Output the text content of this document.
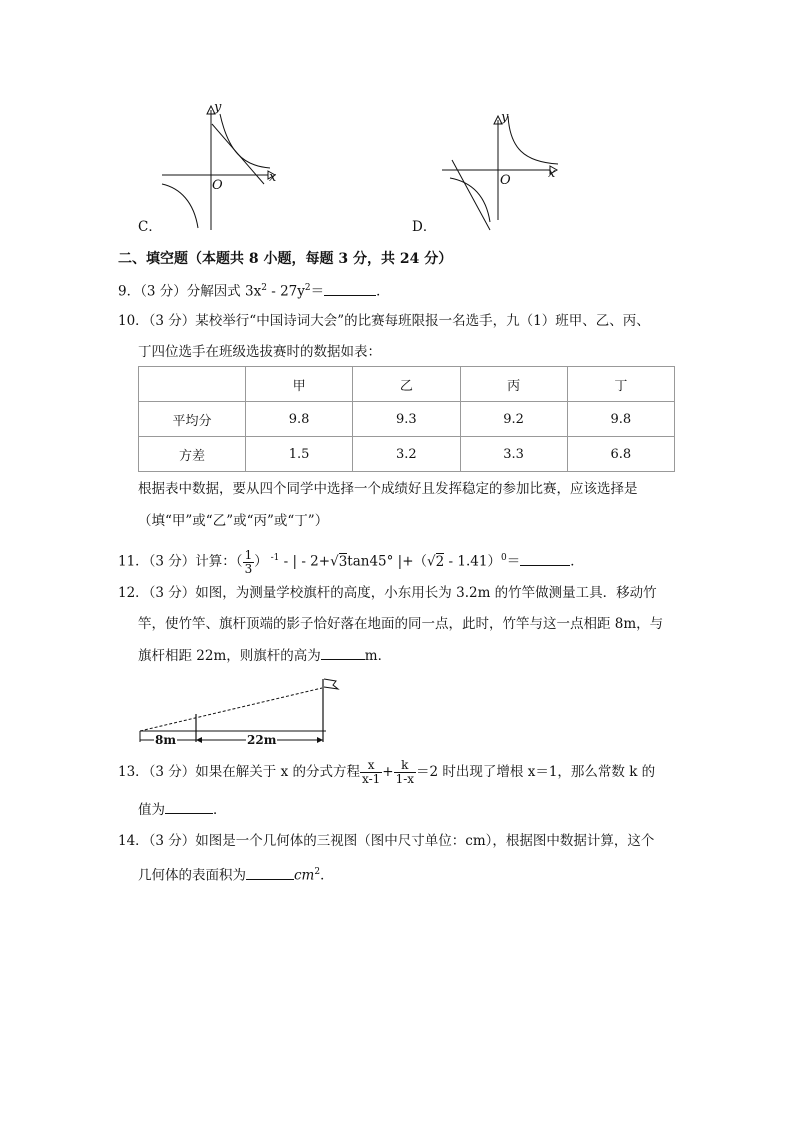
y
x
O
C．
y
x
O
D．
二、填空题（本题共 8 小题，每题 3 分，共 24 分）
9．（3 分）分解因式 $3x^2 - 27y^2=$	．
10．（3 分）某校举行“中国诗词大会”的比赛每班限报一名选手，九（1）班甲、乙、丙、
丁四位选手在班级选拔赛时的数据如表：
	甲	乙	丙	丁
平均分	9.8	9.3	9.2	9.8
方差	1.5	3.2	3.3	6.8
根据表中数据，要从四个同学中选择一个成绩好且发挥稳定的参加比赛，应该选择是
（填“甲”或“乙”或“丙”或“丁”）
11．（3 分）计算：（ $\frac{1}{3}$ ） $^{-1}$ - | - 2+√3tan45° |+（√2 - 1.41）$^0$＝	．
12．（3 分）如图，为测量学校旗杆的高度，小东用长为 3.2m 的竹竿做测量工具．移动竹
竿，使竹竿、旗杆顶端的影子恰好落在地面的同一点，此时，竹竿与这一点相距 8m，与
旗杆相距 22m，则旗杆的高为	m．
8m	22m
13．（3 分）如果在解关于 x 的分式方程 $\frac{x}{x-1} + \frac{k}{1-x} =2$ 时出现了增根 x＝1，那么常数 k 的
值为	．
14．（3 分）如图是一个几何体的三视图（图中尺寸单位：cm），根据图中数据计算，这个
几何体的表面积为	$cm^2$．
